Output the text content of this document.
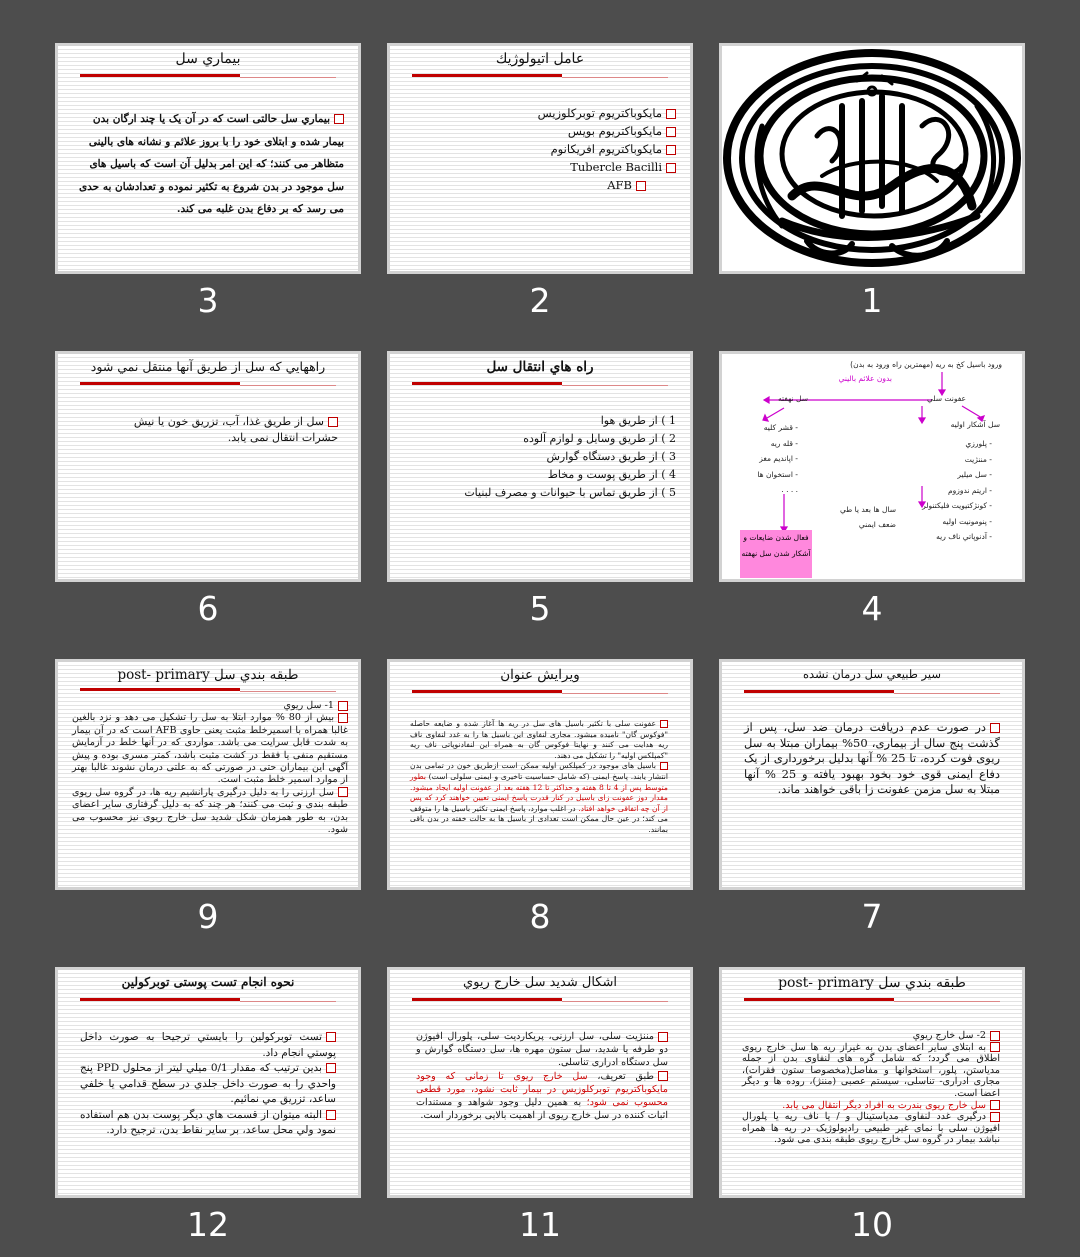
بيماري سل
بيماري سل حالتی است که در آن يک يا چند ارگان بدن بيمار شده و ابتلای خود را با بروز علائم و نشانه های بالينی متظاهر می کنند؛ که اين امر بدليل آن است که باسيل های سل موجود در بدن شروع به تکثير نموده و تعدادشان به حدی می رسد که بر دفاع بدن غلبه می کند.
3
عامل اتيولوژيك
مايكوباكتريوم توبركلوزيس
مايكوباكتريوم بويس
مايكوباكتريوم افريكانوم
Tubercle Bacilli
AFB
2	1
راههايي كه سل از طريق آنها منتقل نمي شود
سل از طريق غذا، آب، تزريق خون يا نيش حشرات انتقال نمی يابد.
6
راه هاي انتقال سل
1 ) از طريق هوا
2 ) از طريق وسايل و لوازم آلوده
3 ) از طريق دستگاه گوارش
4 ) از طريق پوست و مخاط
5 ) از طريق تماس با حيوانات و مصرف لبنيات
5
ورود باسيل کخ به ريه (مهمترين راه ورود به بدن)
بدون علائم باليني
عفونت سلي
سل نهفته
سل آشکار اوليه
- قشر کليه
- قله ريه
- اپانديم مغز
- استخوان ها
. . . .
- پلورزي
- مننژيت
- سل ميلير
- اريتم ندوزوم
- کونژکتيويت فليکتنولر
- پنومونيت اوليه
- آدنوپاتي ناف ريه
سال ها بعد يا طي ضعف ايمني
فعال شدن ضايعات و آشکار شدن سل نهفته
4
طبقه بندي سل post- primary
1- سل ريوي
بيش از 80 % موارد ابتلا به سل را تشکيل می دهد و نزد بالغين غالبا همراه با اسميرخلط مثبت يعنی حاوی AFB است که در آن بيمار به شدت قابل سرايت می باشد. مواردی که در آنها خلط در آزمايش مستقيم منفی يا فقط در کشت مثبت باشد، کمتر مسری بوده و پيش آگهی اين بيماران حتی در صورتی که به علتی درمان نشوند غالبا بهتر از موارد اسمير خلط مثبت است.
سل ارزنی را به دليل درگيری پارانشيم ريه ها، در گروه سل ريوی طبقه بندی و ثبت می کنند؛ هر چند که به دليل گرفتاری ساير اعضای بدن، به طور همزمان شکل شديد سل خارج ريوی نيز محسوب می شود.
9
ويرايش عنوان
عفونت سلی با تکثير باسيل های سل در ريه ها آغاز شده و ضايعه حاصله "فوکوس گان" ناميده ميشود. مجاری لنفاوی اين باسيل ها را به غدد لنفاوی ناف ريه هدايت می کنند و نهايتا فوکوس گان به همراه اين لنفادنوپاتی ناف ريه "کمپلکس اوليه" را تشکيل می دهند.
باسيل های موجود در کمپلکس اوليه ممکن است ازطريق خون در تمامی بدن انتشار يابند. پاسخ ايمنی (که شامل حساسيت تاخيری و ايمنی سلولی است) بطور متوسط پس از 4 تا 8 هفته و حداکثر تا 12 هفته بعد از عفونت اوليه ايجاد ميشود. مقدار دوز عفونت زای باسيل در کنار قدرت پاسخ ايمنی تعيين خواهند کرد که پس از آن چه اتفاقی خواهد افتاد. در اغلب موارد، پاسخ ايمنی تکثير باسيل ها را متوقف می کند؛ در عين حال ممکن است تعدادی از باسيل ها به حالت خفته در بدن باقی بمانند.
8
سير طبيعي سل درمان نشده
در صورت عدم دريافت درمان ضد سل، پس از گذشت پنج سال از بيماری، 50% بيماران مبتلا به سل ريوی فوت کرده، تا 25 % آنها بدليل برخورداری از يک دفاع ايمنی قوی خود بخود بهبود يافته و 25 % آنها مبتلا به سل مزمن عفونت زا باقی خواهند ماند.
7
نحوه انجام تست پوستی توبركولين
تست توبرکولين را بايستي ترجيحا به صورت داخل پوستي انجام داد.
بدين ترتيب که مقدار 0/1 ميلي ليتر از محلول PPD پنج واحدي را به صورت داخل جلدي در سطح قدامي يا خلفي ساعد، تزريق مي نمائيم.
البته ميتوان از قسمت هاي ديگر پوست بدن هم استفاده نمود ولي محل ساعد، بر ساير نقاط بدن، ترجيح دارد.
12
اشكال شديد سل خارج ريوي
مننژيت سلی، سل ارزنی، پريکارديت سلی، پلورال افيوژن دو طرفه يا شديد، سل ستون مهره ها، سل دستگاه گوارش و سل دستگاه ادراری تناسلی.
طبق تعريف، سل خارج ريوی تا زمانی که وجود مايکوباکتريوم توبرکلوزيس در بيمار ثابت نشود، مورد قطعی محسوب نمی شود؛ به همين دليل وجود شواهد و مستندات اثبات کننده در سل خارج ريوی از اهميت بالايی برخوردار است.
11
طبقه بندي سل post- primary
2- سل خارج ريوي
به ابتلای ساير اعضای بدن به غيراز ريه ها سل خارج ريوی اطلاق می گردد؛ که شامل گره های لنفاوی بدن از جمله مدياستن، پلور، استخوانها و مفاصل(مخصوصا ستون فقرات)، مجاری ادراری- تناسلی، سيستم عصبی (مننژ)، روده ها و ديگر اعضا است.
سل خارج ريوی بندرت به افراد ديگر انتقال می يابد.
درگيری غدد لنفاوی مدياستينال و / يا ناف ريه يا پلورال افيوژن سلی با نمای غير طبيعی راديولوژيک در ريه ها همراه نباشد بيمار در گروه سل خارج ريوی طبقه بندی می شود.
10
